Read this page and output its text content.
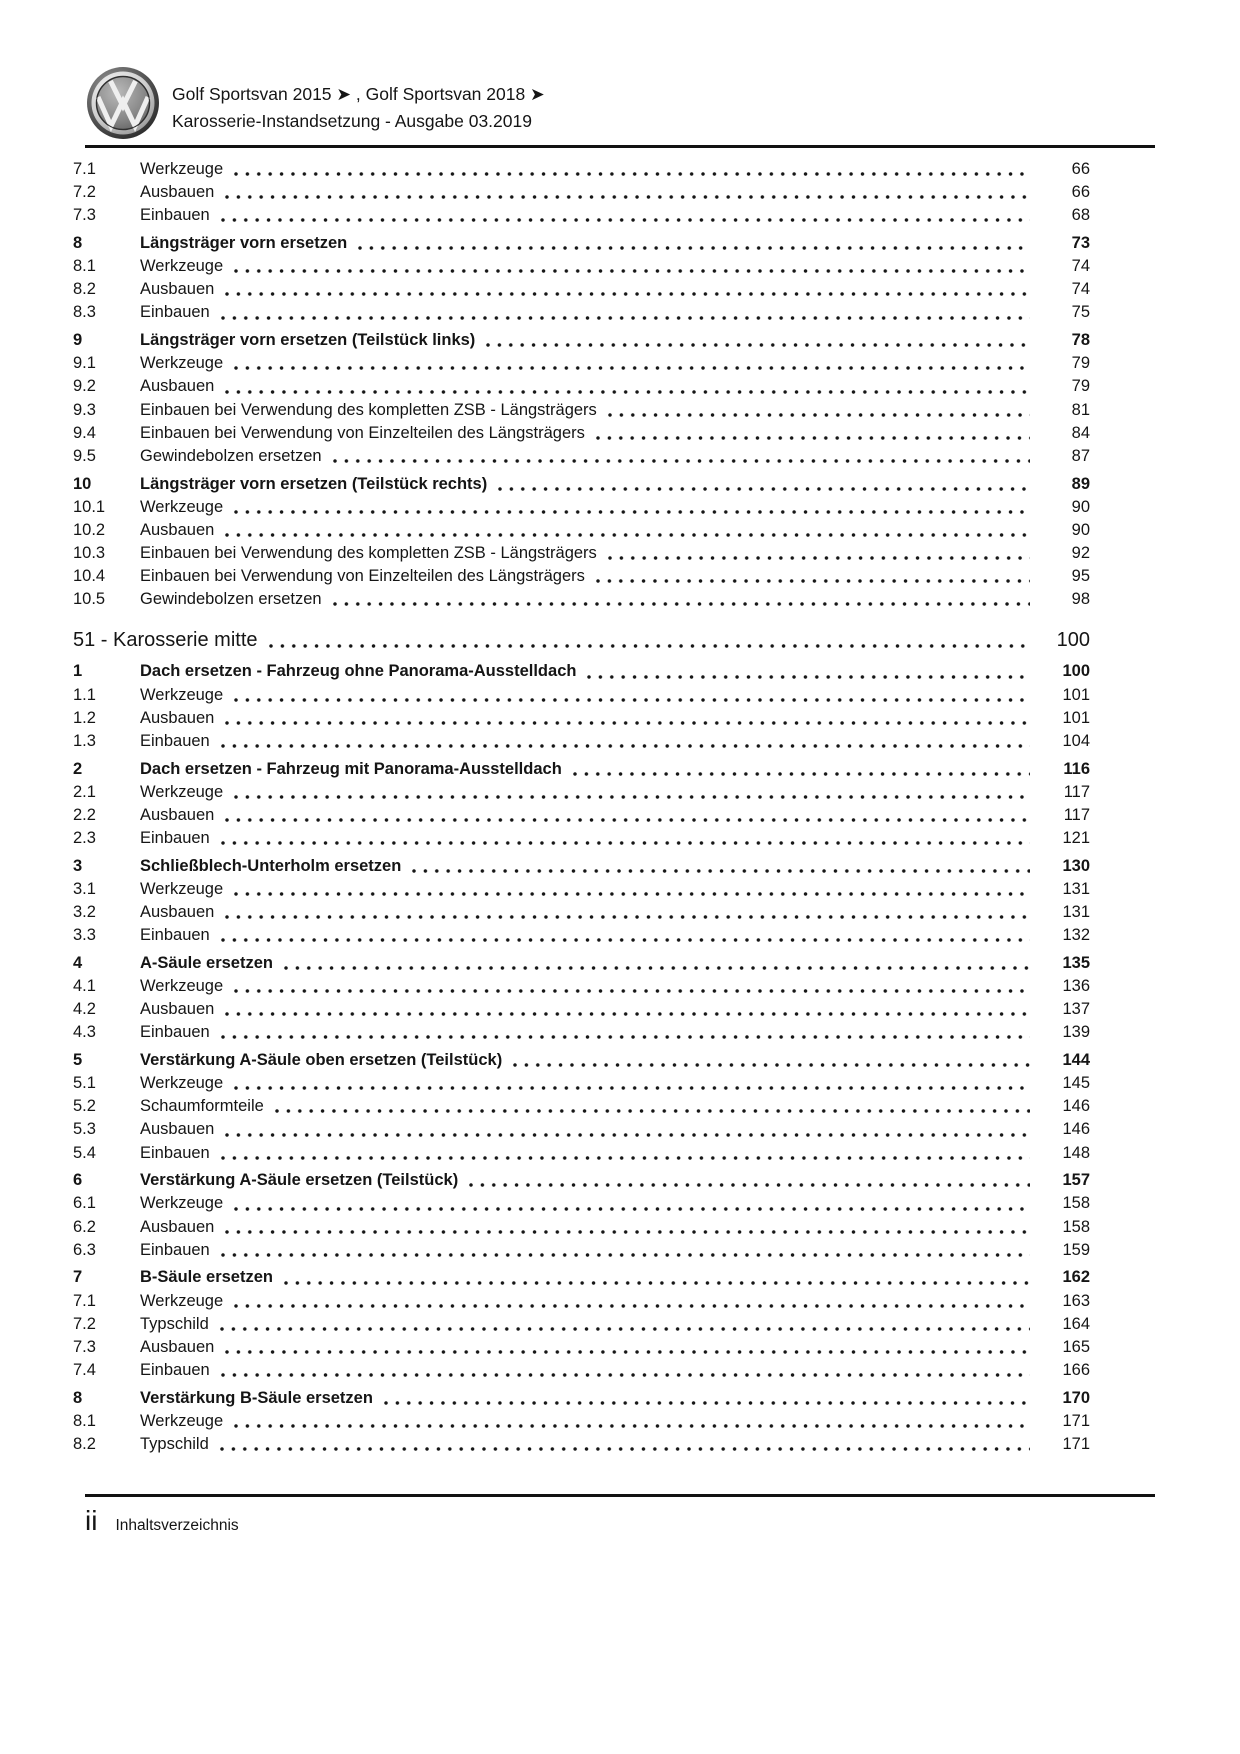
Golf Sportsvan 2015 ➤ , Golf Sportsvan 2018 ➤
Karosserie-Instandsetzung - Ausgabe 03.2019
7.1	Werkzeuge	66
7.2	Ausbauen	66
7.3	Einbauen	68
8	Längsträger vorn ersetzen	73
8.1	Werkzeuge	74
8.2	Ausbauen	74
8.3	Einbauen	75
9	Längsträger vorn ersetzen (Teilstück links)	78
9.1	Werkzeuge	79
9.2	Ausbauen	79
9.3	Einbauen bei Verwendung des kompletten ZSB - Längsträgers	81
9.4	Einbauen bei Verwendung von Einzelteilen des Längsträgers	84
9.5	Gewindebolzen ersetzen	87
10	Längsträger vorn ersetzen (Teilstück rechts)	89
10.1	Werkzeuge	90
10.2	Ausbauen	90
10.3	Einbauen bei Verwendung des kompletten ZSB - Längsträgers	92
10.4	Einbauen bei Verwendung von Einzelteilen des Längsträgers	95
10.5	Gewindebolzen ersetzen	98
51 - Karosserie mitte	100
1	Dach ersetzen - Fahrzeug ohne Panorama-Ausstelldach	100
1.1	Werkzeuge	101
1.2	Ausbauen	101
1.3	Einbauen	104
2	Dach ersetzen - Fahrzeug mit Panorama-Ausstelldach	116
2.1	Werkzeuge	117
2.2	Ausbauen	117
2.3	Einbauen	121
3	Schließblech-Unterholm ersetzen	130
3.1	Werkzeuge	131
3.2	Ausbauen	131
3.3	Einbauen	132
4	A-Säule ersetzen	135
4.1	Werkzeuge	136
4.2	Ausbauen	137
4.3	Einbauen	139
5	Verstärkung A-Säule oben ersetzen (Teilstück)	144
5.1	Werkzeuge	145
5.2	Schaumformteile	146
5.3	Ausbauen	146
5.4	Einbauen	148
6	Verstärkung A-Säule ersetzen (Teilstück)	157
6.1	Werkzeuge	158
6.2	Ausbauen	158
6.3	Einbauen	159
7	B-Säule ersetzen	162
7.1	Werkzeuge	163
7.2	Typschild	164
7.3	Ausbauen	165
7.4	Einbauen	166
8	Verstärkung B-Säule ersetzen	170
8.1	Werkzeuge	171
8.2	Typschild	171
ii Inhaltsverzeichnis
